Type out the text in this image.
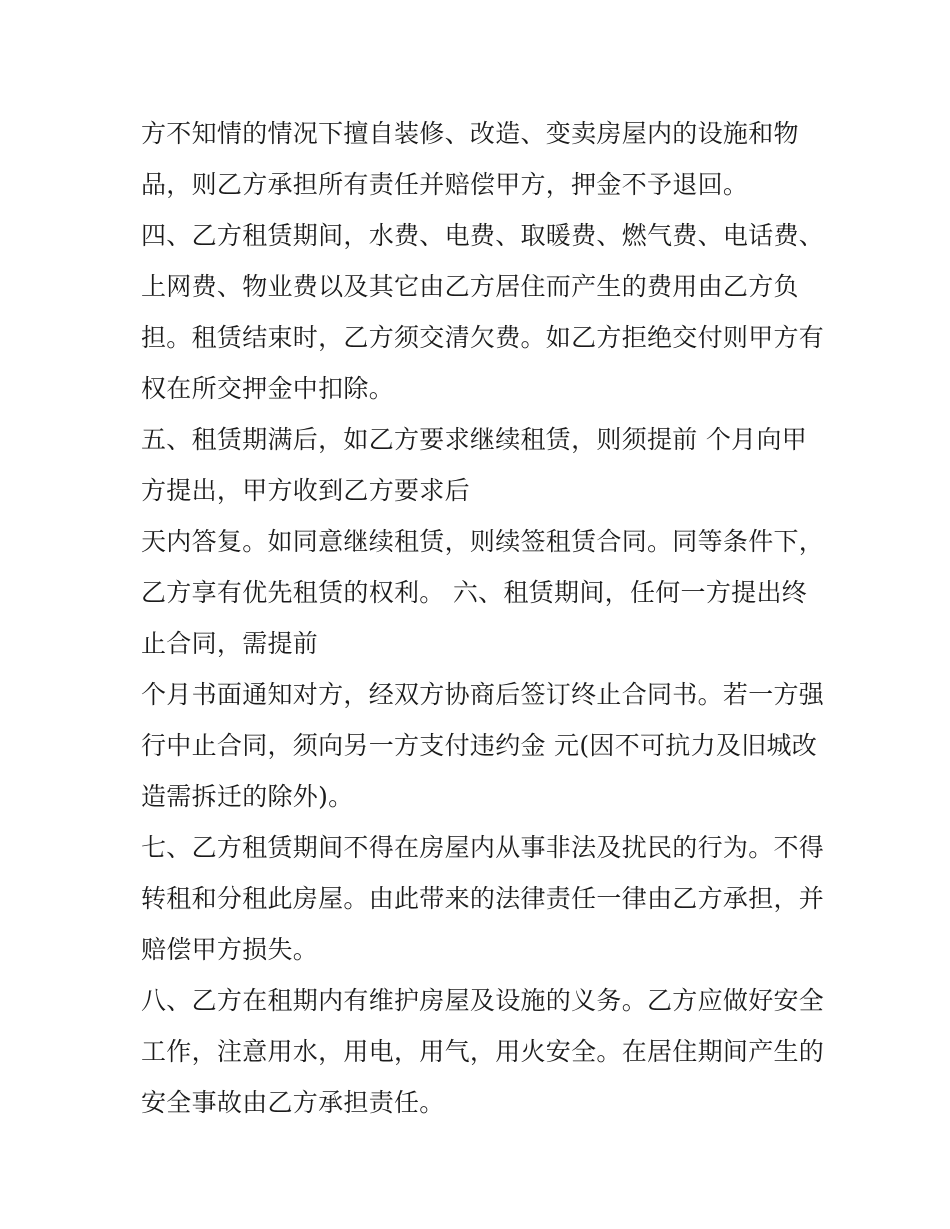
方不知情的情况下擅自装修、改造、变卖房屋内的设施和物
品，则乙方承担所有责任并赔偿甲方，押金不予退回。
四、乙方租赁期间，水费、电费、取暖费、燃气费、电话费、
上网费、物业费以及其它由乙方居住而产生的费用由乙方负
担。租赁结束时，乙方须交清欠费。如乙方拒绝交付则甲方有
权在所交押金中扣除。
五、租赁期满后，如乙方要求继续租赁，则须提前 个月向甲
方提出，甲方收到乙方要求后
天内答复。如同意继续租赁，则续签租赁合同。同等条件下，
乙方享有优先租赁的权利。 六、租赁期间，任何一方提出终
止合同，需提前
个月书面通知对方，经双方协商后签订终止合同书。若一方强
行中止合同，须向另一方支付违约金 元(因不可抗力及旧城改
造需拆迁的除外)。
七、乙方租赁期间不得在房屋内从事非法及扰民的行为。不得
转租和分租此房屋。由此带来的法律责任一律由乙方承担，并
赔偿甲方损失。
八、乙方在租期内有维护房屋及设施的义务。乙方应做好安全
工作，注意用水，用电，用气，用火安全。在居住期间产生的
安全事故由乙方承担责任。
